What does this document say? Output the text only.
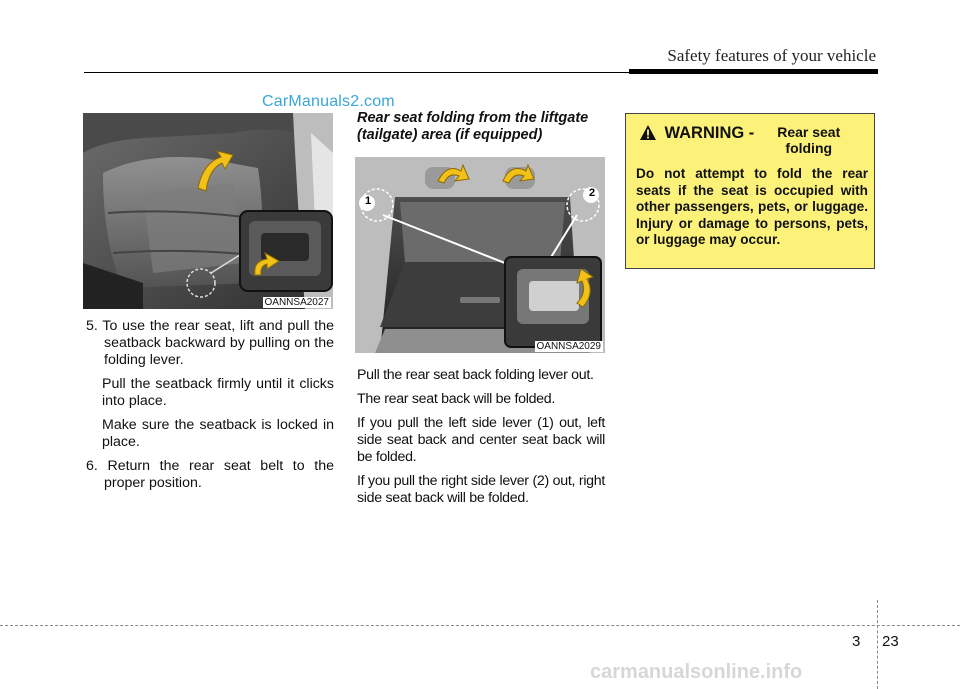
Safety features of your vehicle
CarManuals2.com
OANNSA2027

5. To use the rear seat, lift and pull the seatback backward by pulling on the folding lever.

Pull the seatback firmly until it clicks into place.

Make sure the seatback is locked in place.

6. Return the rear seat belt to the proper position.

Rear seat folding from the liftgate (tailgate) area (if equipped)
1
2
OANNSA2029

Pull the rear seat back folding lever out.

The rear seat back will be folded.

If you pull the left side lever (1) out, left side seat back and center seat back will be folded.

If you pull the right side lever (2) out, right side seat back will be folded.

WARNING - Rear seat folding
Do not attempt to fold the rear seats if the seat is occupied with other passengers, pets, or luggage. Injury or damage to persons, pets, or luggage may occur.
3 23
carmanualsonline.info
